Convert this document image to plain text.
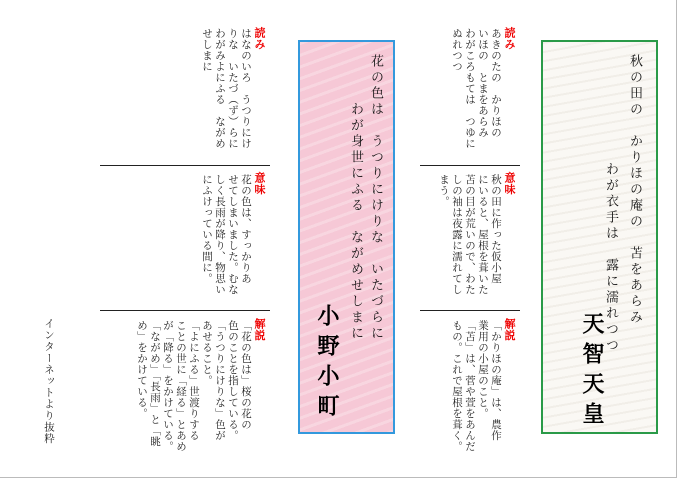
秋の田の　かりほの庵の　苫をあらみ
わが衣手は　露に濡れつつ
天智天皇
読み
あきのたの　かりほの
いほの　とまをあらみ
わがころもては　つゆに
ぬれつつ
意味
秋の田に作った仮小屋
にいると、屋根を葺いた
苫の目が荒いので、わた
しの袖は夜露に濡れてし
まう。
解説
「かりほの庵」は、農作
業用の小屋のこと。
「苫」は、菅や萱をあんだ
もの。これで屋根を葺く。
花の色は　うつりにけりな　いたづらに
わが身世にふる　ながめせしまに
小野小町
読み
はなのいろ　うつりにけ
りな　いたづ（ず）らに
わがみよにふる　ながめ
せしまに
意味
花の色は、すっかりあ
せてしまいました。むな
しく長雨が降り、物思い
にふけっている間に。
解説
「花の色は」桜の花の
色のことを指している。
「うつりにけりな」色が
あせること。
「よにふる」世渡りする
ことの世に「経る」とあめ
が「降る」をかけている。
「ながめ」「長雨」と「眺
め」をかけている。
インターネットより抜粋
